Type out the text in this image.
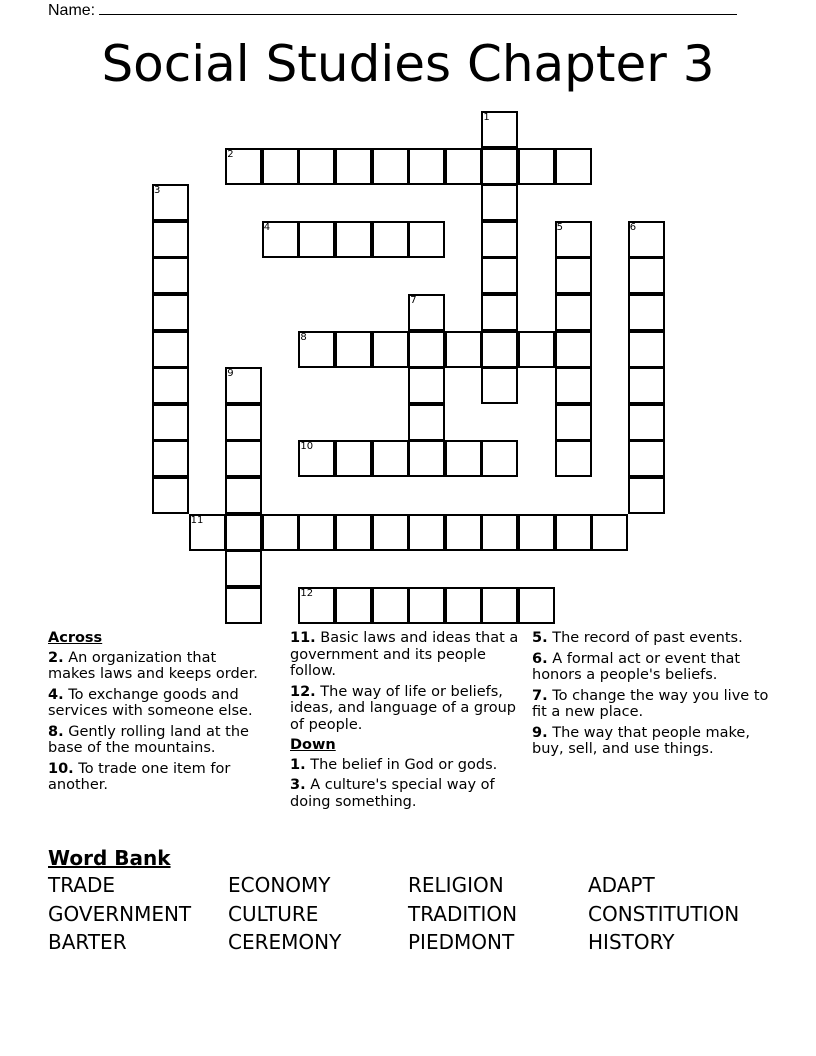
Name:
Social Studies Chapter 3
1
2
3
4	5	6
7
8
9
10
11
12
Across
2. An organization that makes laws and keeps order.
4. To exchange goods and services with someone else.
8. Gently rolling land at the base of the mountains.
10. To trade one item for another.
11. Basic laws and ideas that a government and its people follow.
12. The way of life or beliefs, ideas, and language of a group of people.
Down
1. The belief in God or gods.
3. A culture's special way of doing something.
5. The record of past events.
6. A formal act or event that honors a people's beliefs.
7. To change the way you live to fit a new place.
9. The way that people make, buy, sell, and use things.
Word Bank
TRADE	ECONOMY	RELIGION	ADAPT
GOVERNMENT	CULTURE	TRADITION	CONSTITUTION
BARTER	CEREMONY	PIEDMONT	HISTORY
